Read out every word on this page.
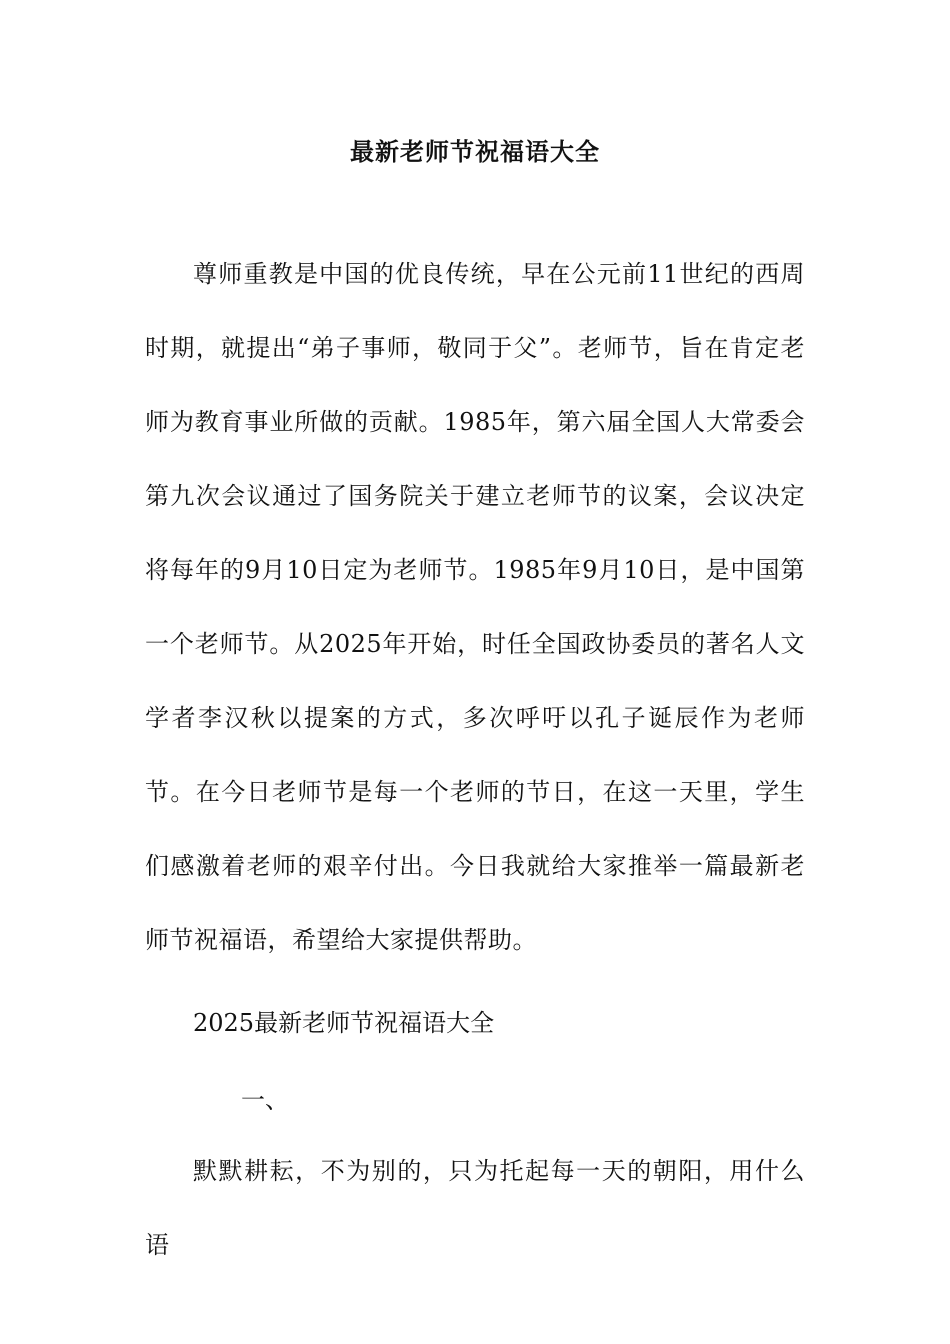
最新老师节祝福语大全
尊师重教是中国的优良传统，早在公元前11世纪的西周时期，就提出“弟子事师，敬同于父”。老师节，旨在肯定老师为教育事业所做的贡献。1985年，第六届全国人大常委会第九次会议通过了国务院关于建立老师节的议案，会议决定将每年的9月10日定为老师节。1985年9月10日，是中国第一个老师节。从2025年开始，时任全国政协委员的著名人文学者李汉秋以提案的方式，多次呼吁以孔子诞辰作为老师节。在今日老师节是每一个老师的节日，在这一天里，学生们感激着老师的艰辛付出。今日我就给大家推举一篇最新老师节祝福语，希望给大家提供帮助。
2025最新老师节祝福语大全
一、
默默耕耘，不为别的，只为托起每一天的朝阳，用什么语
